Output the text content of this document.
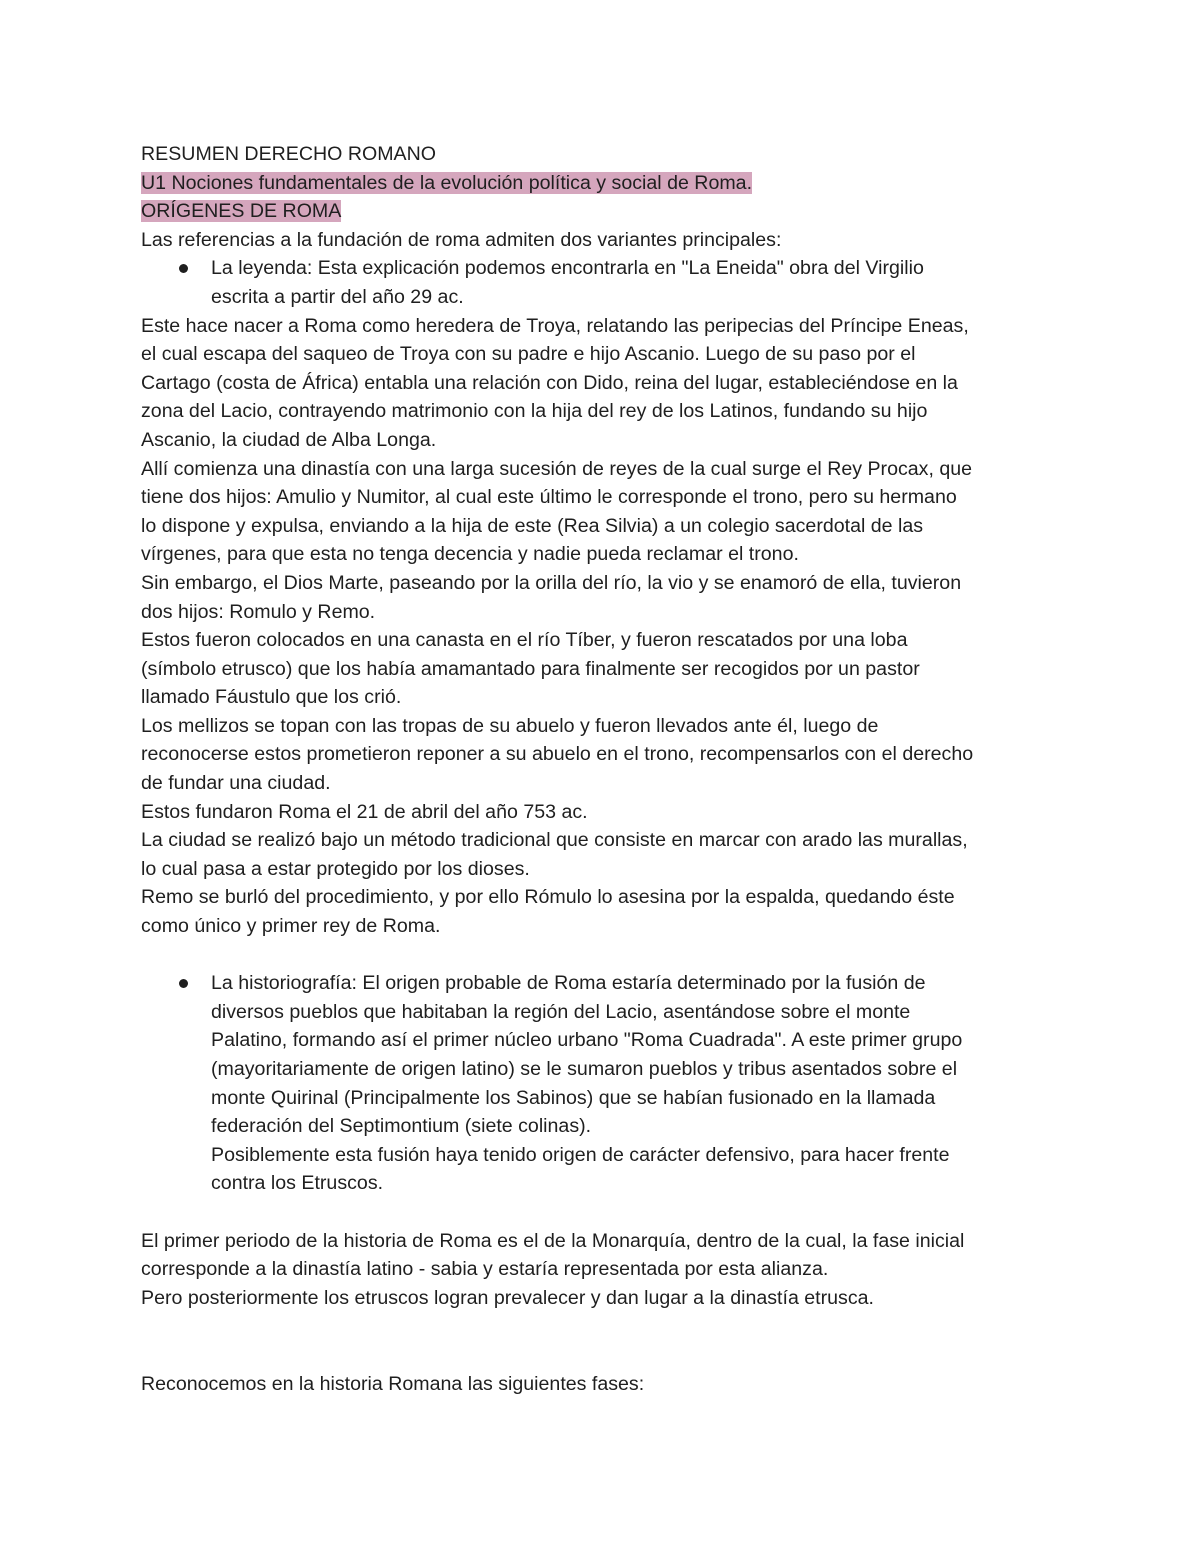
RESUMEN DERECHO ROMANO
U1 Nociones fundamentales de la evolución política y social de Roma.
ORÍGENES DE ROMA
Las referencias a la fundación de roma admiten dos variantes principales:
La leyenda: Esta explicación podemos encontrarla en "La Eneida" obra del Virgilio
escrita a partir del año 29 ac.
Este hace nacer a Roma como heredera de Troya, relatando las peripecias del Príncipe Eneas,
el cual escapa del saqueo de Troya con su padre e hijo Ascanio. Luego de su paso por el
Cartago (costa de África) entabla una relación con Dido, reina del lugar, estableciéndose en la
zona del Lacio, contrayendo matrimonio con la hija del rey de los Latinos, fundando su hijo
Ascanio, la ciudad de Alba Longa.
Allí comienza una dinastía con una larga sucesión de reyes de la cual surge el Rey Procax, que
tiene dos hijos: Amulio y Numitor, al cual este último le corresponde el trono, pero su hermano
lo dispone y expulsa, enviando a la hija de este (Rea Silvia) a un colegio sacerdotal de las
vírgenes, para que esta no tenga decencia y nadie pueda reclamar el trono.
Sin embargo, el Dios Marte, paseando por la orilla del río, la vio y se enamoró de ella, tuvieron
dos hijos: Romulo y Remo.
Estos fueron colocados en una canasta en el río Tíber, y fueron rescatados por una loba
(símbolo etrusco) que los había amamantado para finalmente ser recogidos por un pastor
llamado Fáustulo que los crió.
Los mellizos se topan con las tropas de su abuelo y fueron llevados ante él, luego de
reconocerse estos prometieron reponer a su abuelo en el trono, recompensarlos con el derecho
de fundar una ciudad.
Estos fundaron Roma el 21 de abril del año 753 ac.
La ciudad se realizó bajo un método tradicional que consiste en marcar con arado las murallas,
lo cual pasa a estar protegido por los dioses.
Remo se burló del procedimiento, y por ello Rómulo lo asesina por la espalda, quedando éste
como único y primer rey de Roma.
La historiografía: El origen probable de Roma estaría determinado por la fusión de
diversos pueblos que habitaban la región del Lacio, asentándose sobre el monte
Palatino, formando así el primer núcleo urbano "Roma Cuadrada". A este primer grupo
(mayoritariamente de origen latino) se le sumaron pueblos y tribus asentados sobre el
monte Quirinal (Principalmente los Sabinos) que se habían fusionado en la llamada
federación del Septimontium (siete colinas).
Posiblemente esta fusión haya tenido origen de carácter defensivo, para hacer frente
contra los Etruscos.
El primer periodo de la historia de Roma es el de la Monarquía, dentro de la cual, la fase inicial
corresponde a la dinastía latino - sabia y estaría representada por esta alianza.
Pero posteriormente los etruscos logran prevalecer y dan lugar a la dinastía etrusca.
Reconocemos en la historia Romana las siguientes fases:
